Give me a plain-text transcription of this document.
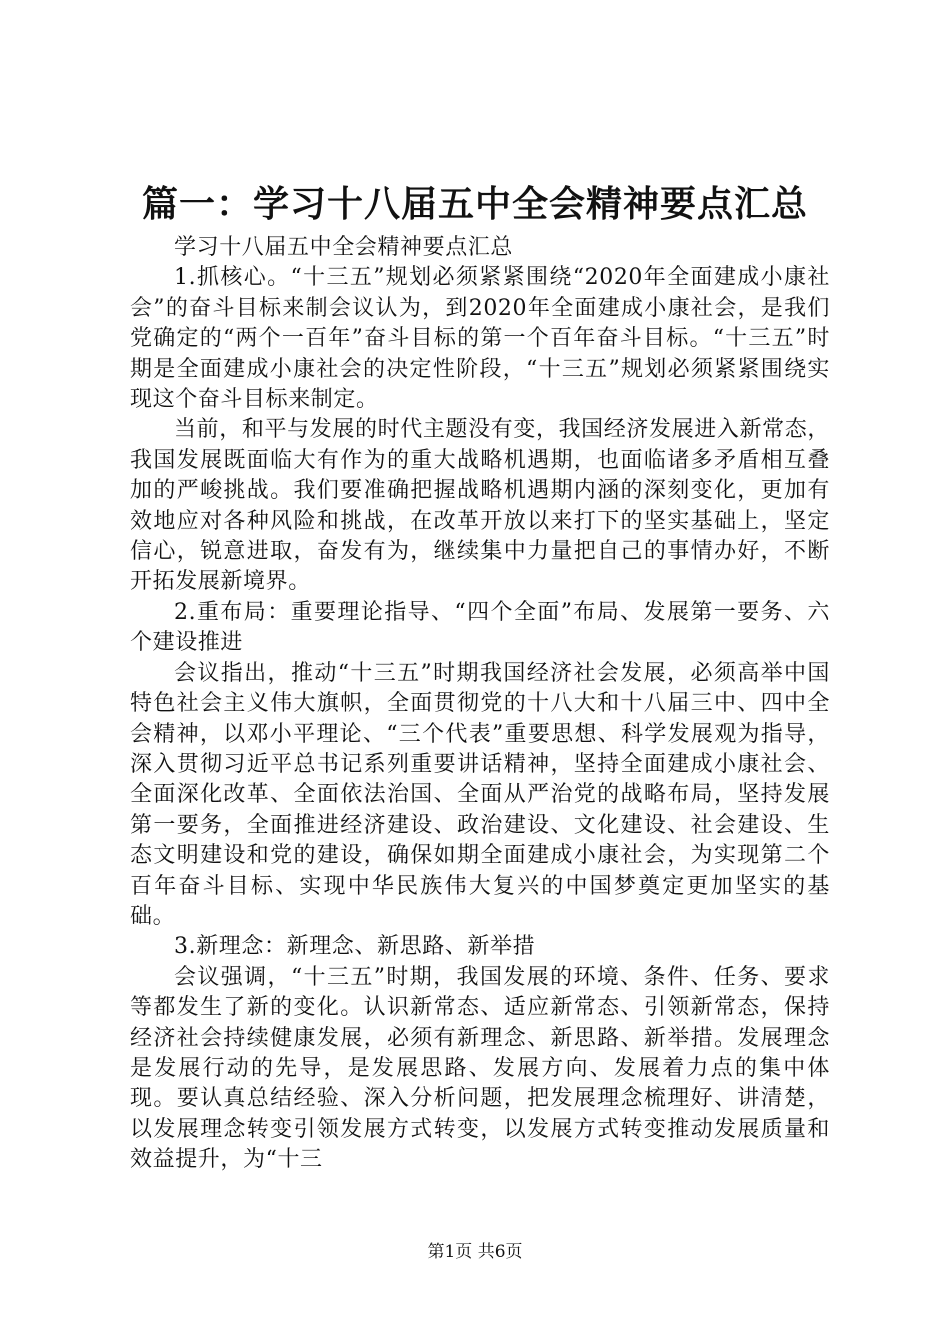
篇一：学习十八届五中全会精神要点汇总

学习十八届五中全会精神要点汇总

1.抓核心。“十三五”规划必须紧紧围绕“2020年全面建成小康社会”的奋斗目标来制会议认为，到2020年全面建成小康社会，是我们党确定的“两个一百年”奋斗目标的第一个百年奋斗目标。“十三五”时期是全面建成小康社会的决定性阶段，“十三五”规划必须紧紧围绕实现这个奋斗目标来制定。

当前，和平与发展的时代主题没有变，我国经济发展进入新常态，我国发展既面临大有作为的重大战略机遇期，也面临诸多矛盾相互叠加的严峻挑战。我们要准确把握战略机遇期内涵的深刻变化，更加有效地应对各种风险和挑战，在改革开放以来打下的坚实基础上，坚定信心，锐意进取，奋发有为，继续集中力量把自己的事情办好，不断开拓发展新境界。

2.重布局：重要理论指导、“四个全面”布局、发展第一要务、六个建设推进

会议指出，推动“十三五”时期我国经济社会发展，必须高举中国特色社会主义伟大旗帜，全面贯彻党的十八大和十八届三中、四中全会精神，以邓小平理论、“三个代表”重要思想、科学发展观为指导，深入贯彻习近平总书记系列重要讲话精神，坚持全面建成小康社会、全面深化改革、全面依法治国、全面从严治党的战略布局，坚持发展第一要务，全面推进经济建设、政治建设、文化建设、社会建设、生态文明建设和党的建设，确保如期全面建成小康社会，为实现第二个百年奋斗目标、实现中华民族伟大复兴的中国梦奠定更加坚实的基础。

3.新理念：新理念、新思路、新举措

会议强调，“十三五”时期，我国发展的环境、条件、任务、要求等都发生了新的变化。认识新常态、适应新常态、引领新常态，保持经济社会持续健康发展，必须有新理念、新思路、新举措。发展理念是发展行动的先导，是发展思路、发展方向、发展着力点的集中体现。要认真总结经验、深入分析问题，把发展理念梳理好、讲清楚，以发展理念转变引领发展方式转变，以发展方式转变推动发展质量和效益提升，为“十三

第1页 共6页
